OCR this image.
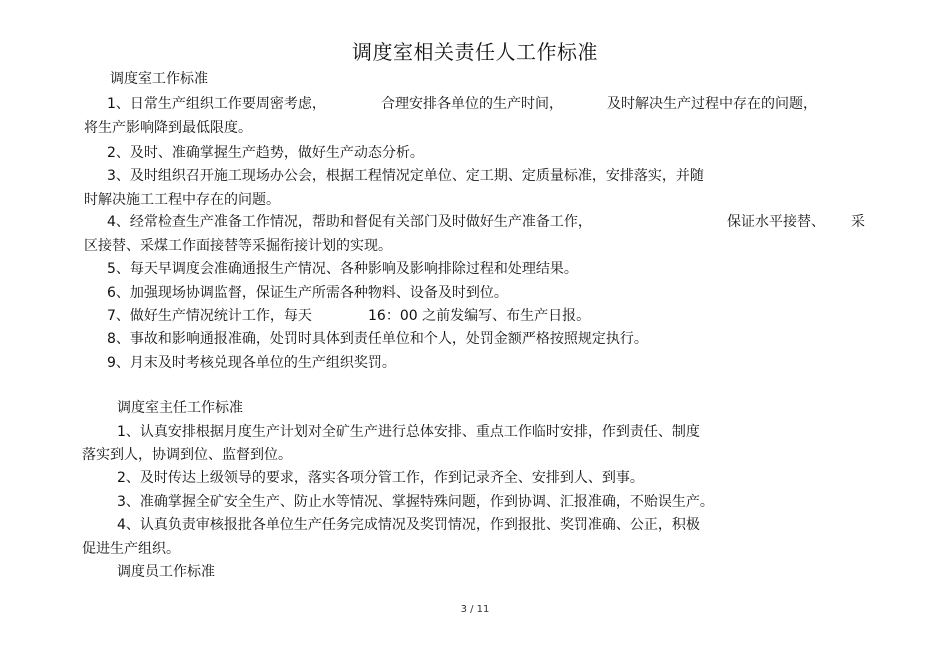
调度室相关责任人工作标准
调度室工作标准
1、日常生产组织工作要周密考虑，	合理安排各单位的生产时间，	及时解决生产过程中存在的问题，
将生产影响降到最低限度。
2、及时、准确掌握生产趋势，做好生产动态分析。
3、及时组织召开施工现场办公会，根据工程情况定单位、定工期、定质量标准，安排落实，并随
时解决施工工程中存在的问题。
4、经常检查生产准备工作情况，帮助和督促有关部门及时做好生产准备工作，	保证水平接替、 采
区接替、采煤工作面接替等采掘衔接计划的实现。
5、每天早调度会准确通报生产情况、各种影响及影响排除过程和处理结果。
6、加强现场协调监督，保证生产所需各种物料、设备及时到位。
7、做好生产情况统计工作，每天	16：00 之前发编写、布生产日报。
8、事故和影响通报准确，处罚时具体到责任单位和个人，处罚金额严格按照规定执行。
9、月末及时考核兑现各单位的生产组织奖罚。
调度室主任工作标准
1、认真安排根据月度生产计划对全矿生产进行总体安排、重点工作临时安排，作到责任、制度
落实到人，协调到位、监督到位。
2、及时传达上级领导的要求，落实各项分管工作，作到记录齐全、安排到人、到事。
3、准确掌握全矿安全生产、防止水等情况、掌握特殊问题，作到协调、汇报准确，不贻误生产。
4、认真负责审核报批各单位生产任务完成情况及奖罚情况，作到报批、奖罚准确、公正，积极
促进生产组织。
调度员工作标准
3 / 11
